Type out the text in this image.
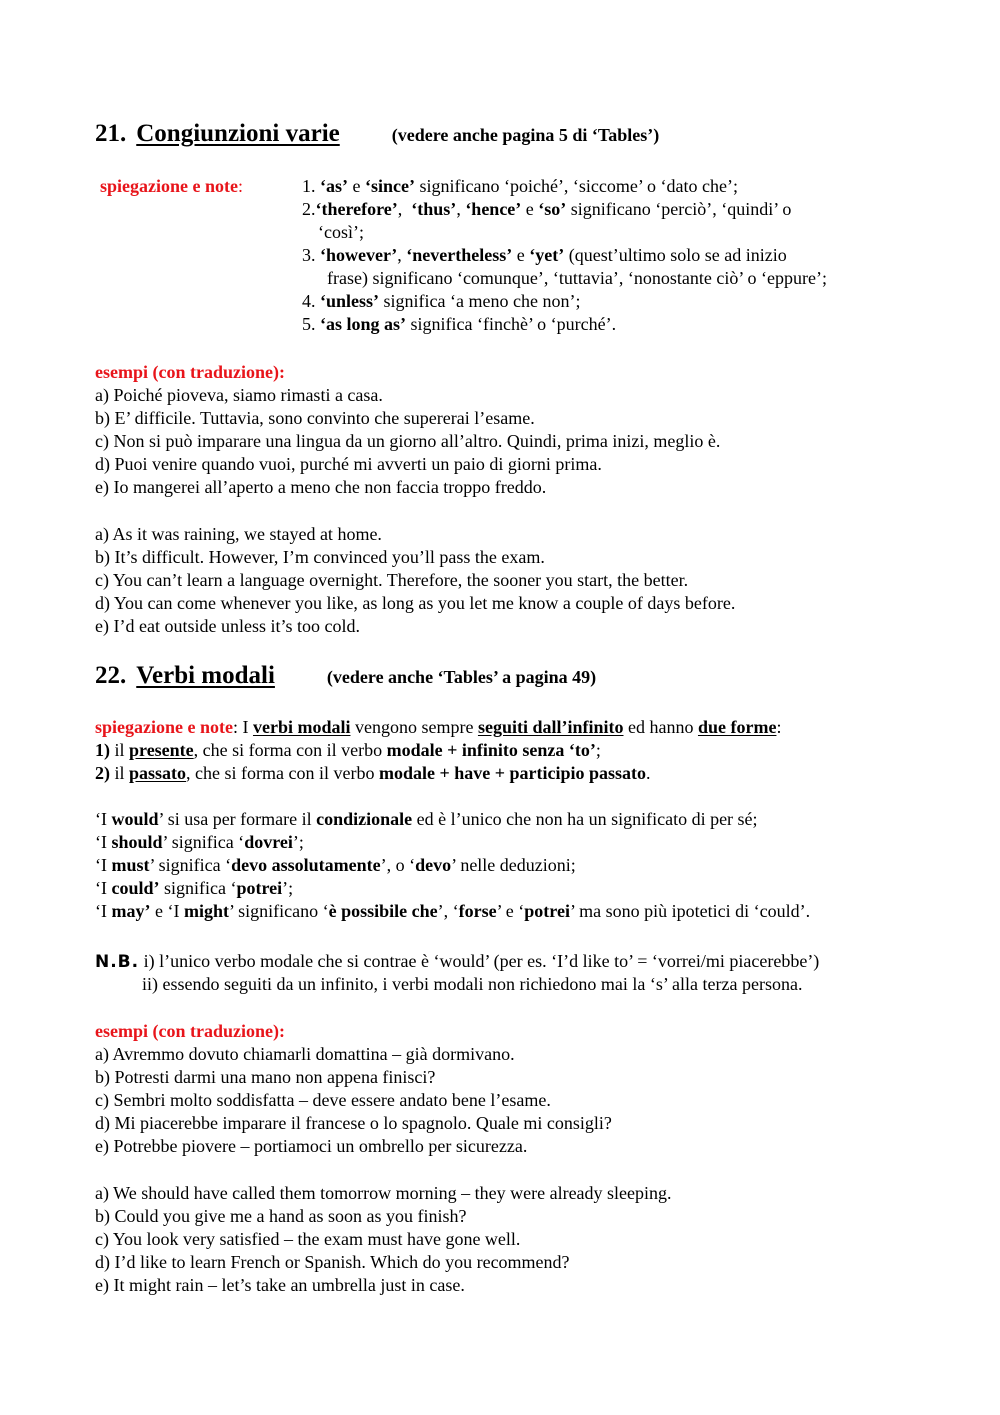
21. Congiunzioni varie	(vedere anche pagina 5 di ‘Tables’)
spiegazione e note:	1. ‘as’ e ‘since’ significano ‘poiché’, ‘siccome’ o ‘dato che’;
2.‘therefore’,  ‘thus’, ‘hence’ e ‘so’ significano ‘perciò’, ‘quindi’ o
‘così’;
3. ‘however’, ‘nevertheless’ e ‘yet’ (quest’ultimo solo se ad inizio
frase) significano ‘comunque’, ‘tuttavia’, ‘nonostante ciò’ o ‘eppure’;
4. ‘unless’ significa ‘a meno che non’;
5. ‘as long as’ significa ‘finchè’ o ‘purché’.
esempi (con traduzione):
a) Poiché pioveva, siamo rimasti a casa.
b) E’ difficile. Tuttavia, sono convinto che supererai l’esame.
c) Non si può imparare una lingua da un giorno all’altro. Quindi, prima inizi, meglio è.
d) Puoi venire quando vuoi, purché mi avverti un paio di giorni prima.
e) Io mangerei all’aperto a meno che non faccia troppo freddo.
a) As it was raining, we stayed at home.
b) It’s difficult. However, I’m convinced you’ll pass the exam.
c) You can’t learn a language overnight. Therefore, the sooner you start, the better.
d) You can come whenever you like, as long as you let me know a couple of days before.
e) I’d eat outside unless it’s too cold.
22. Verbi modali	(vedere anche ‘Tables’ a pagina 49)
spiegazione e note: I verbi modali vengono sempre seguiti dall’infinito ed hanno due forme:
1) il presente, che si forma con il verbo modale + infinito senza ‘to’;
2) il passato, che si forma con il verbo modale + have + participio passato.
‘I would’ si usa per formare il condizionale ed è l’unico che non ha un significato di per sé;
‘I should’ significa ‘dovrei’;
‘I must’ significa ‘devo assolutamente’, o ‘devo’ nelle deduzioni;
‘I could’ significa ‘potrei’;
‘I may’ e ‘I might’ significano ‘è possibile che’, ‘forse’ e ‘potrei’ ma sono più ipotetici di ‘could’.
N.B. i) l’unico verbo modale che si contrae è ‘would’ (per es. ‘I’d like to’ = ‘vorrei/mi piacerebbe’)
ii) essendo seguiti da un infinito, i verbi modali non richiedono mai la ‘s’ alla terza persona.
esempi (con traduzione):
a) Avremmo dovuto chiamarli domattina – già dormivano.
b) Potresti darmi una mano non appena finisci?
c) Sembri molto soddisfatta – deve essere andato bene l’esame.
d) Mi piacerebbe imparare il francese o lo spagnolo. Quale mi consigli?
e) Potrebbe piovere – portiamoci un ombrello per sicurezza.
a) We should have called them tomorrow morning – they were already sleeping.
b) Could you give me a hand as soon as you finish?
c) You look very satisfied – the exam must have gone well.
d) I’d like to learn French or Spanish. Which do you recommend?
e) It might rain – let’s take an umbrella just in case.
